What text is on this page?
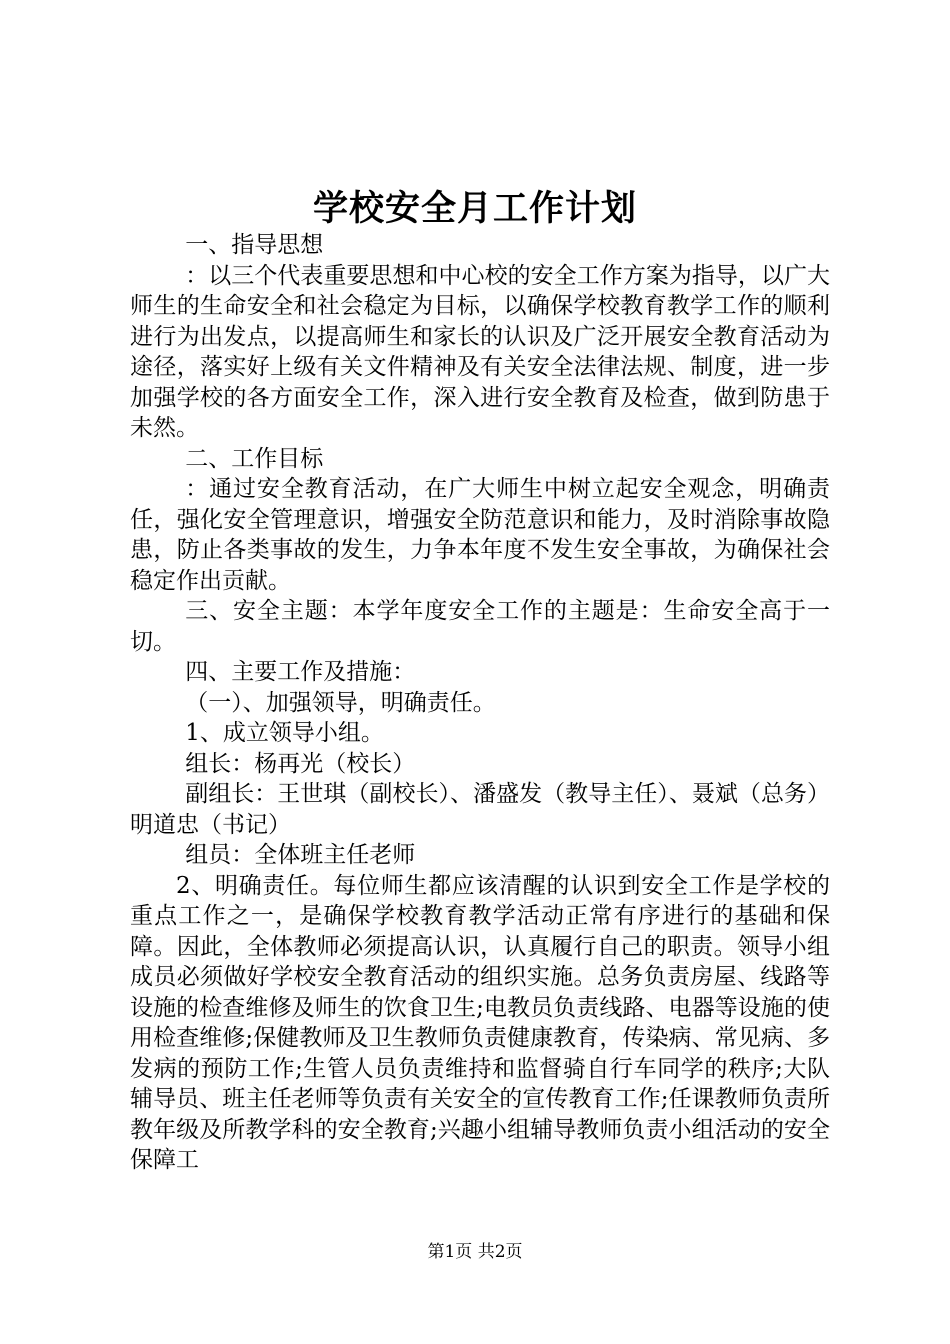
学校安全月工作计划

一、指导思想

：以三个代表重要思想和中心校的安全工作方案为指导，以广大师生的生命安全和社会稳定为目标，以确保学校教育教学工作的顺利进行为出发点，以提高师生和家长的认识及广泛开展安全教育活动为途径，落实好上级有关文件精神及有关安全法律法规、制度，进一步加强学校的各方面安全工作，深入进行安全教育及检查，做到防患于未然。

二、工作目标

：通过安全教育活动，在广大师生中树立起安全观念，明确责任，强化安全管理意识，增强安全防范意识和能力，及时消除事故隐患，防止各类事故的发生，力争本年度不发生安全事故，为确保社会稳定作出贡献。

三、安全主题：本学年度安全工作的主题是：生命安全高于一切。

四、主要工作及措施：

（一）、加强领导，明确责任。

1、成立领导小组。

组长：杨再光（校长）

副组长：王世琪（副校长）、潘盛发（教导主任）、聂斌（总务）明道忠（书记）

组员：全体班主任老师

2、明确责任。每位师生都应该清醒的认识到安全工作是学校的重点工作之一，是确保学校教育教学活动正常有序进行的基础和保障。因此，全体教师必须提高认识，认真履行自己的职责。领导小组成员必须做好学校安全教育活动的组织实施。总务负责房屋、线路等设施的检查维修及师生的饮食卫生;电教员负责线路、电器等设施的使用检查维修;保健教师及卫生教师负责健康教育，传染病、常见病、多发病的预防工作;生管人员负责维持和监督骑自行车同学的秩序;大队辅导员、班主任老师等负责有关安全的宣传教育工作;任课教师负责所教年级及所教学科的安全教育;兴趣小组辅导教师负责小组活动的安全保障工

第1页 共2页
